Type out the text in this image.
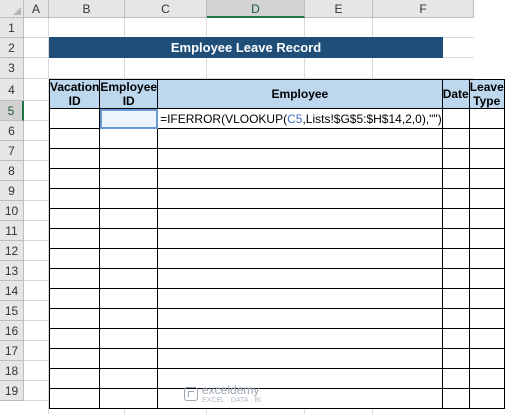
A	B	C	D	E	F
1
2
3
4
5
6
7
8
9
10
11
12
13
14
15
16
17
18
19
Employee Leave Record
Vacation ID	Employee ID	Employee	Date	Leave Type
		=IFERROR(VLOOKUP(C5,Lists!$G$5:$H$14,2,0),"")		

exceldemy
EXCEL · DATA · BI
